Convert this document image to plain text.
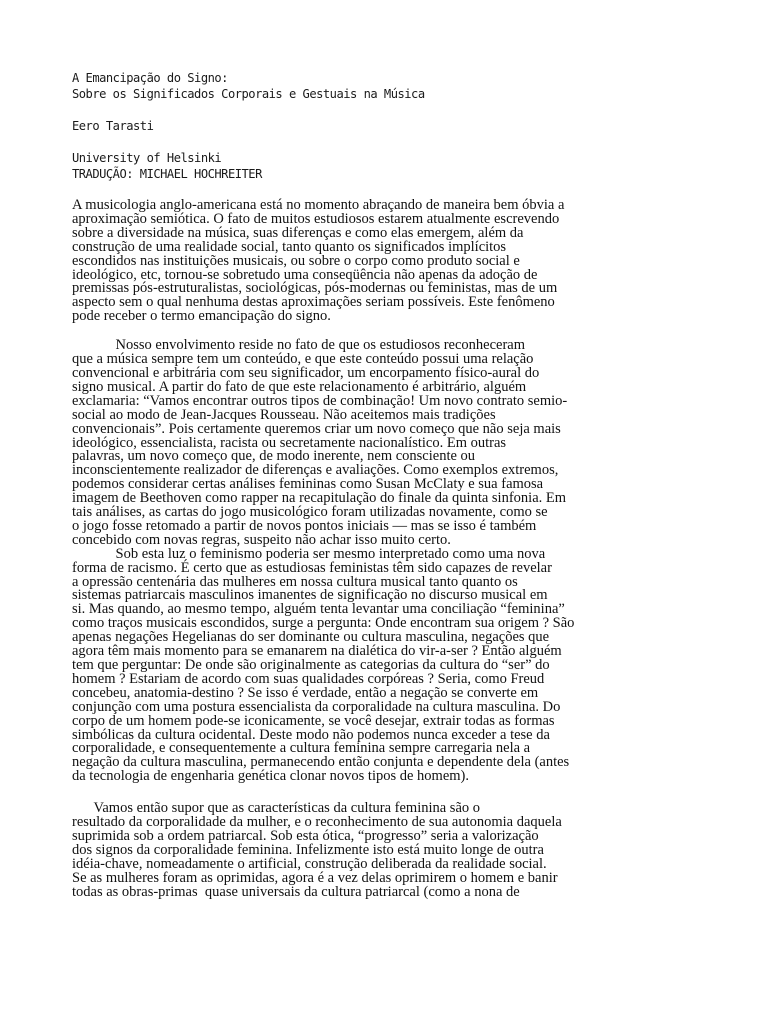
A Emancipação do Signo:
Sobre os Significados Corporais e Gestuais na Música
Eero Tarasti
University of Helsinki
TRADUÇÃO: MICHAEL HOCHREITER
A musicologia anglo-americana está no momento abraçando de maneira bem óbvia a
aproximação semiótica. O fato de muitos estudiosos estarem atualmente escrevendo
sobre a diversidade na música, suas diferenças e como elas emergem, além da
construção de uma realidade social, tanto quanto os significados implícitos
escondidos nas instituições musicais, ou sobre o corpo como produto social e
ideológico, etc, tornou-se sobretudo uma conseqüência não apenas da adoção de
premissas pós-estruturalistas, sociológicas, pós-modernas ou feministas, mas de um
aspecto sem o qual nenhuma destas aproximações seriam possíveis. Este fenômeno
pode receber o termo emancipação do signo.
Nosso envolvimento reside no fato de que os estudiosos reconheceram
que a música sempre tem um conteúdo, e que este conteúdo possui uma relação
convencional e arbitrária com seu significador, um encorpamento físico-aural do
signo musical. A partir do fato de que este relacionamento é arbitrário, alguém
exclamaria: “Vamos encontrar outros tipos de combinação! Um novo contrato semio-
social ao modo de Jean-Jacques Rousseau. Não aceitemos mais tradições
convencionais”. Pois certamente queremos criar um novo começo que não seja mais
ideológico, essencialista, racista ou secretamente nacionalístico. Em outras
palavras, um novo começo que, de modo inerente, nem consciente ou
inconscientemente realizador de diferenças e avaliações. Como exemplos extremos,
podemos considerar certas análises femininas como Susan McClaty e sua famosa
imagem de Beethoven como rapper na recapitulação do finale da quinta sinfonia. Em
tais análises, as cartas do jogo musicológico foram utilizadas novamente, como se
o jogo fosse retomado a partir de novos pontos iniciais — mas se isso é também
concebido com novas regras, suspeito não achar isso muito certo.
Sob esta luz o feminismo poderia ser mesmo interpretado como uma nova
forma de racismo. É certo que as estudiosas feministas têm sido capazes de revelar
a opressão centenária das mulheres em nossa cultura musical tanto quanto os
sistemas patriarcais masculinos imanentes de significação no discurso musical em
si. Mas quando, ao mesmo tempo, alguém tenta levantar uma conciliação “feminina”
como traços musicais escondidos, surge a pergunta: Onde encontram sua origem ? São
apenas negações Hegelianas do ser dominante ou cultura masculina, negações que
agora têm mais momento para se emanarem na dialética do vir-a-ser ? Então alguém
tem que perguntar: De onde são originalmente as categorias da cultura do “ser” do
homem ? Estariam de acordo com suas qualidades corpóreas ? Seria, como Freud
concebeu, anatomia-destino ? Se isso é verdade, então a negação se converte em
conjunção com uma postura essencialista da corporalidade na cultura masculina. Do
corpo de um homem pode-se iconicamente, se você desejar, extrair todas as formas
simbólicas da cultura ocidental. Deste modo não podemos nunca exceder a tese da
corporalidade, e consequentemente a cultura feminina sempre carregaria nela a
negação da cultura masculina, permanecendo então conjunta e dependente dela (antes
da tecnologia de engenharia genética clonar novos tipos de homem).
Vamos então supor que as características da cultura feminina são o
resultado da corporalidade da mulher, e o reconhecimento de sua autonomia daquela
suprimida sob a ordem patriarcal. Sob esta ótica, “progresso” seria a valorização
dos signos da corporalidade feminina. Infelizmente isto está muito longe de outra
idéia-chave, nomeadamente o artificial, construção deliberada da realidade social.
Se as mulheres foram as oprimidas, agora é a vez delas oprimirem o homem e banir
todas as obras-primas  quase universais da cultura patriarcal (como a nona de
